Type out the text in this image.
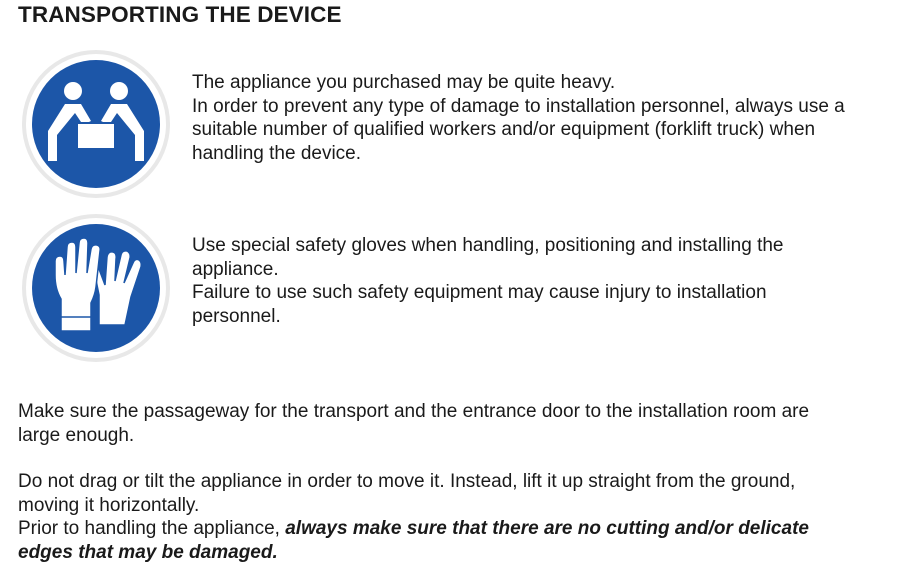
TRANSPORTING THE DEVICE

The appliance you purchased may be quite heavy.

In order to prevent any type of damage to installation personnel, always use a

suitable number of qualified workers and/or equipment (forklift truck) when

handling the device.

Use special safety gloves when handling, positioning and installing the

appliance.

Failure to use such safety equipment may cause injury to installation

personnel.

Make sure the passageway for the transport and the entrance door to the installation room are

large enough.

Do not drag or tilt the appliance in order to move it. Instead, lift it up straight from the ground,

moving it horizontally.

Prior to handling the appliance, always make sure that there are no cutting and/or delicate

edges that may be damaged.
